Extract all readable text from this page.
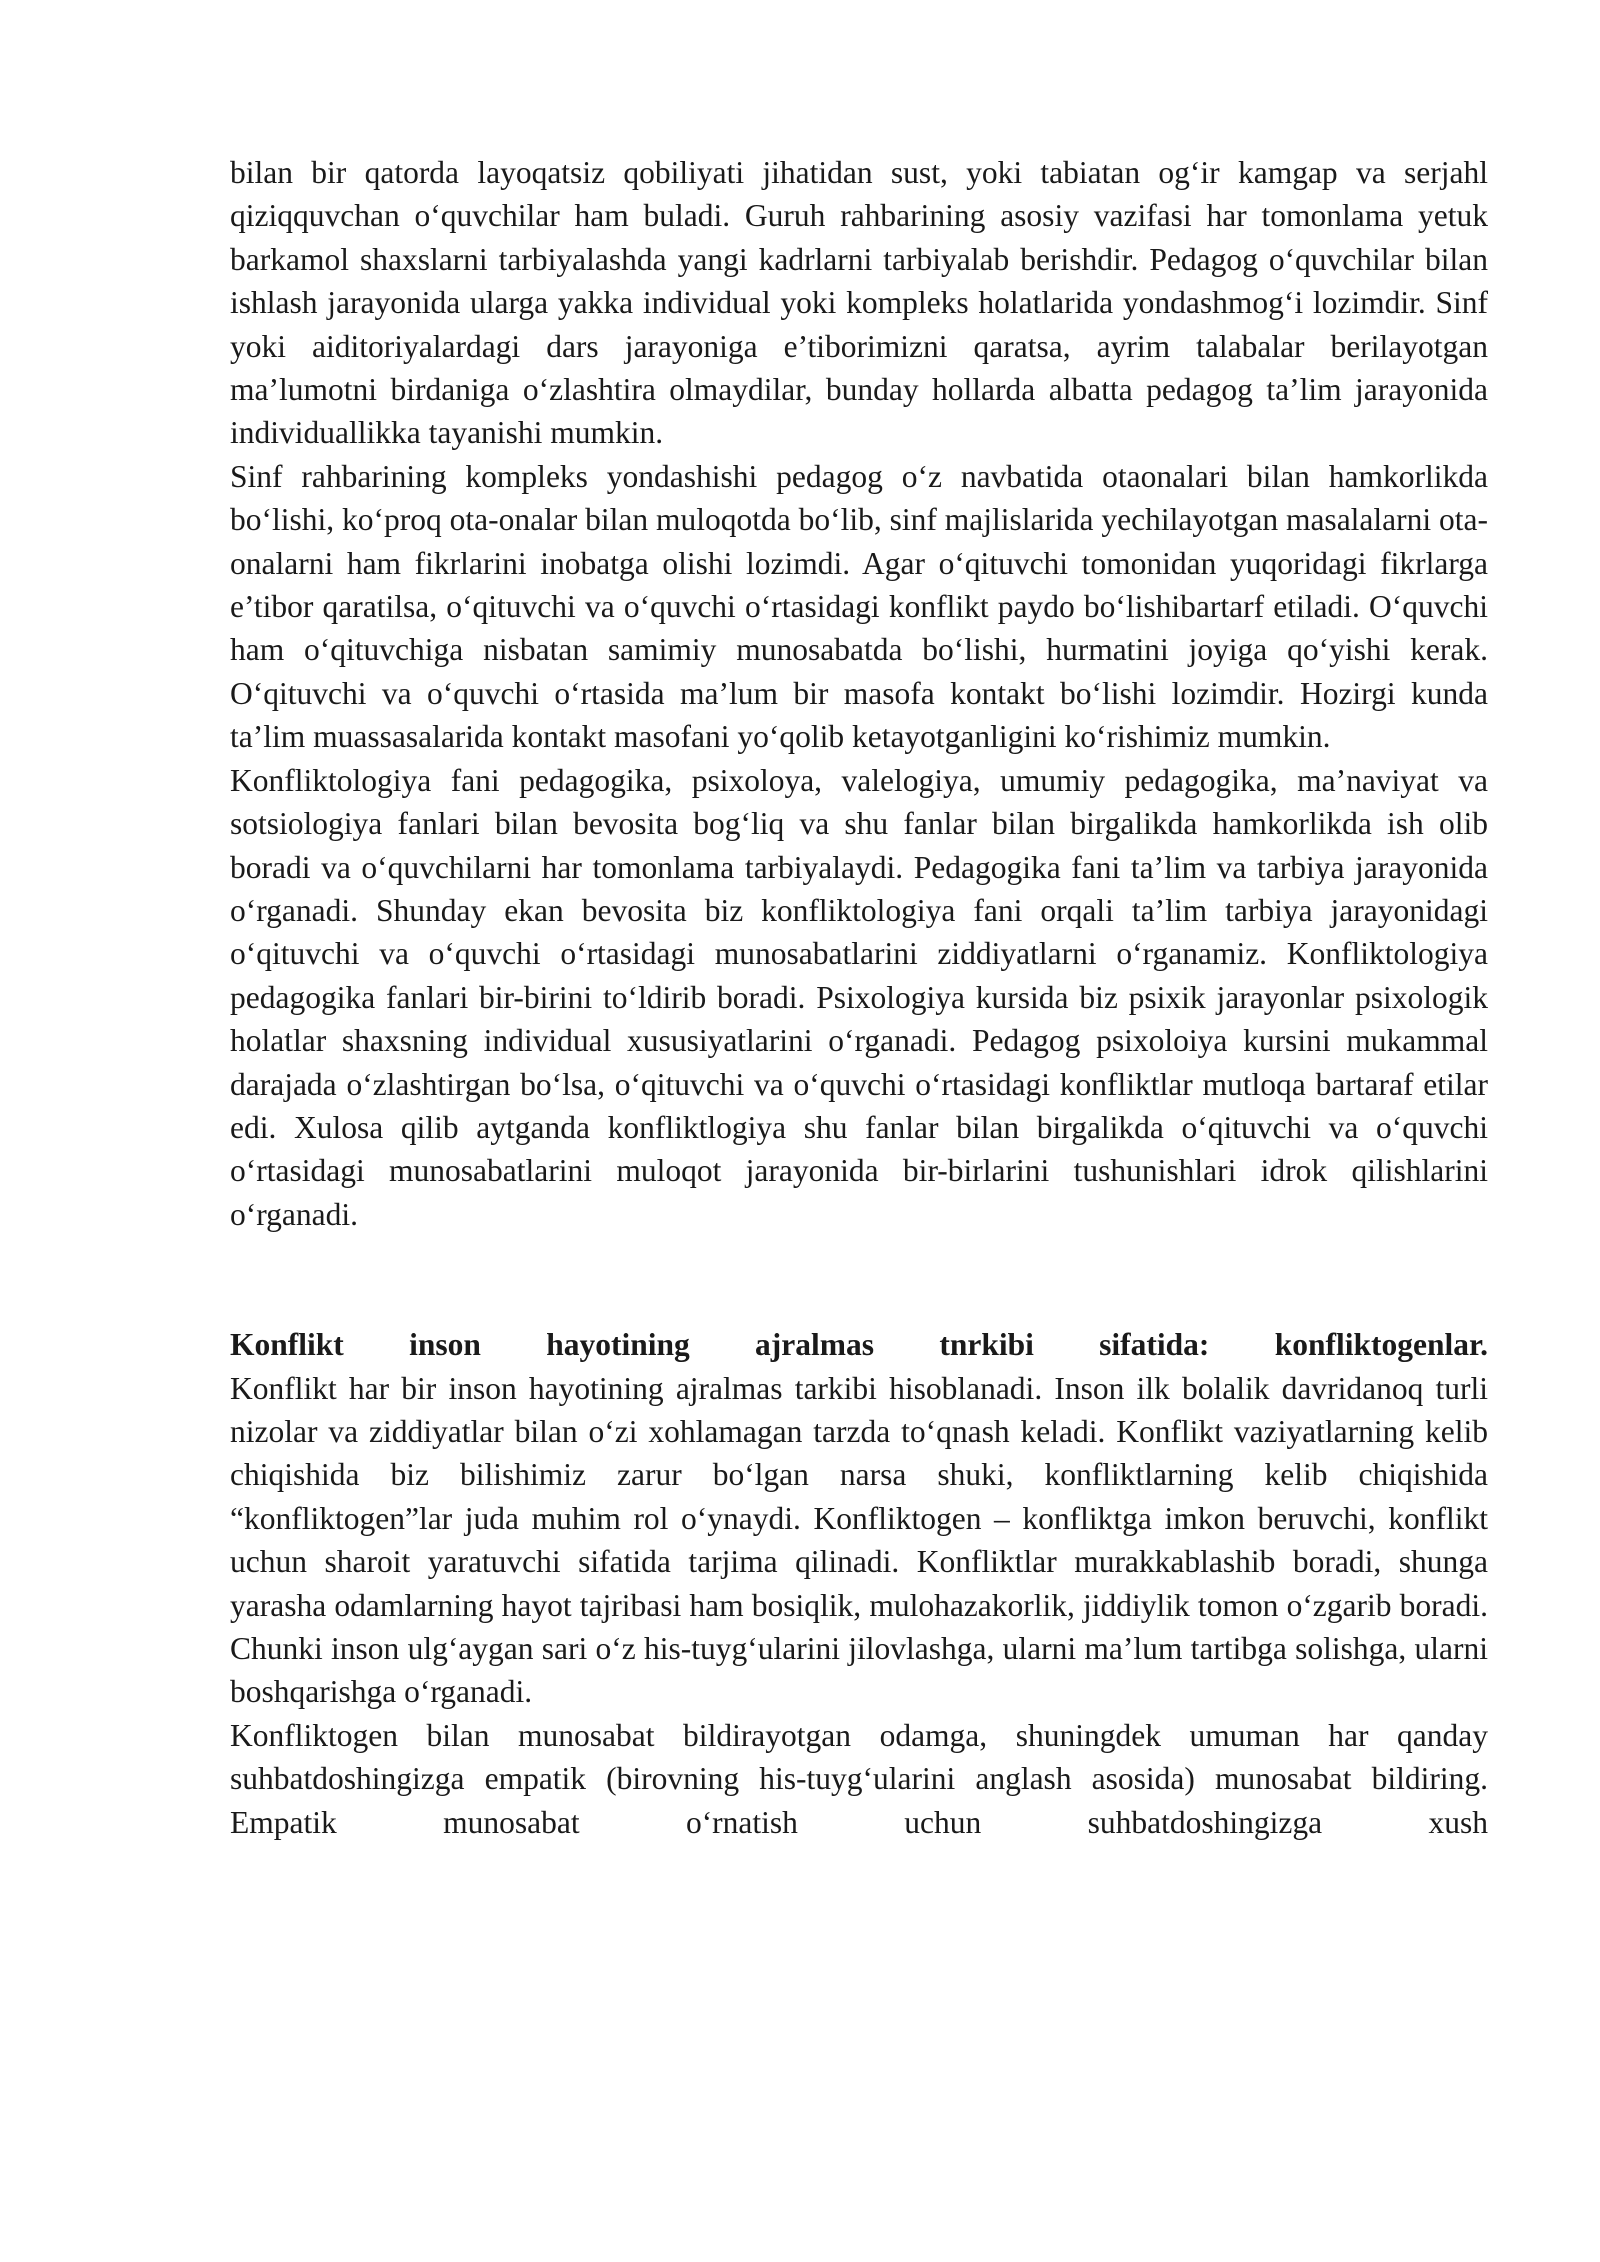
bilan bir qatorda layoqatsiz qobiliyati jihatidan sust, yoki tabiatan og‘ir kamgap va serjahl qiziqquvchan o‘quvchilar ham buladi. Guruh rahbarining asosiy vazifasi har tomonlama yetuk barkamol shaxslarni tarbiyalashda yangi kadrlarni tarbiyalab berishdir. Pedagog o‘quvchilar bilan ishlash jarayonida ularga yakka individual yoki kompleks holatlarida yondashmog‘i lozimdir. Sinf yoki aiditoriyalardagi dars jarayoniga e’tiborimizni qaratsa, ayrim talabalar berilayotgan ma’lumotni birdaniga o‘zlashtira olmaydilar, bunday hollarda albatta pedagog ta’lim jarayonida individuallikka tayanishi mumkin.

Sinf rahbarining kompleks yondashishi pedagog o‘z navbatida otaonalari bilan hamkorlikda bo‘lishi, ko‘proq ota-onalar bilan muloqotda bo‘lib, sinf majlislarida yechilayotgan masalalarni ota-onalarni ham fikrlarini inobatga olishi lozimdi. Agar o‘qituvchi tomonidan yuqoridagi fikrlarga e’tibor qaratilsa, o‘qituvchi va o‘quvchi o‘rtasidagi konflikt paydo bo‘lishibartarf etiladi. O‘quvchi ham o‘qituvchiga nisbatan samimiy munosabatda bo‘lishi, hurmatini joyiga qo‘yishi kerak. O‘qituvchi va o‘quvchi o‘rtasida ma’lum bir masofa kontakt bo‘lishi lozimdir. Hozirgi kunda ta’lim muassasalarida kontakt masofani yo‘qolib ketayotganligini ko‘rishimiz mumkin.

Konfliktologiya fani pedagogika, psixoloya, valelogiya, umumiy pedagogika, ma’naviyat va sotsiologiya fanlari bilan bevosita bog‘liq va shu fanlar bilan birgalikda hamkorlikda ish olib boradi va o‘quvchilarni har tomonlama tarbiyalaydi. Pedagogika fani ta’lim va tarbiya jarayonida o‘rganadi. Shunday ekan bevosita biz konfliktologiya fani orqali ta’lim tarbiya jarayonidagi o‘qituvchi va o‘quvchi o‘rtasidagi munosabatlarini ziddiyatlarni o‘rganamiz. Konfliktologiya pedagogika fanlari bir-birini to‘ldirib boradi. Psixologiya kursida biz psixik jarayonlar psixologik holatlar shaxsning individual xususiyatlarini o‘rganadi. Pedagog psixoloiya kursini mukammal darajada o‘zlashtirgan bo‘lsa, o‘qituvchi va o‘quvchi o‘rtasidagi konfliktlar mutloqa bartaraf etilar edi. Xulosa qilib aytganda konfliktlogiya shu fanlar bilan birgalikda o‘qituvchi va o‘quvchi o‘rtasidagi munosabatlarini muloqot jarayonida bir-birlarini tushunishlari idrok qilishlarini o‘rganadi.

Konflikt inson hayotining ajralmas tnrkibi sifatida: konfliktogenlar.

Konflikt har bir inson hayotining ajralmas tarkibi hisoblanadi. Inson ilk bolalik davridanoq turli nizolar va ziddiyatlar bilan o‘zi xohlamagan tarzda to‘qnash keladi. Konflikt vaziyatlarning kelib chiqishida biz bilishimiz zarur bo‘lgan narsa shuki, konfliktlarning kelib chiqishida “konfliktogen”lar juda muhim rol o‘ynaydi. Konfliktogen – konfliktga imkon beruvchi, konflikt uchun sharoit yaratuvchi sifatida tarjima qilinadi. Konfliktlar murakkablashib boradi, shunga yarasha odamlarning hayot tajribasi ham bosiqlik, mulohazakorlik, jiddiylik tomon o‘zgarib boradi. Chunki inson ulg‘aygan sari o‘z his-tuyg‘ularini jilovlashga, ularni ma’lum tartibga solishga, ularni boshqarishga o‘rganadi.

Konfliktogen bilan munosabat bildirayotgan odamga, shuningdek umuman har qanday suhbatdoshingizga empatik (birovning his-tuyg‘ularini anglash asosida) munosabat bildiring. Empatik munosabat o‘rnatish uchun suhbatdoshingizga xush
